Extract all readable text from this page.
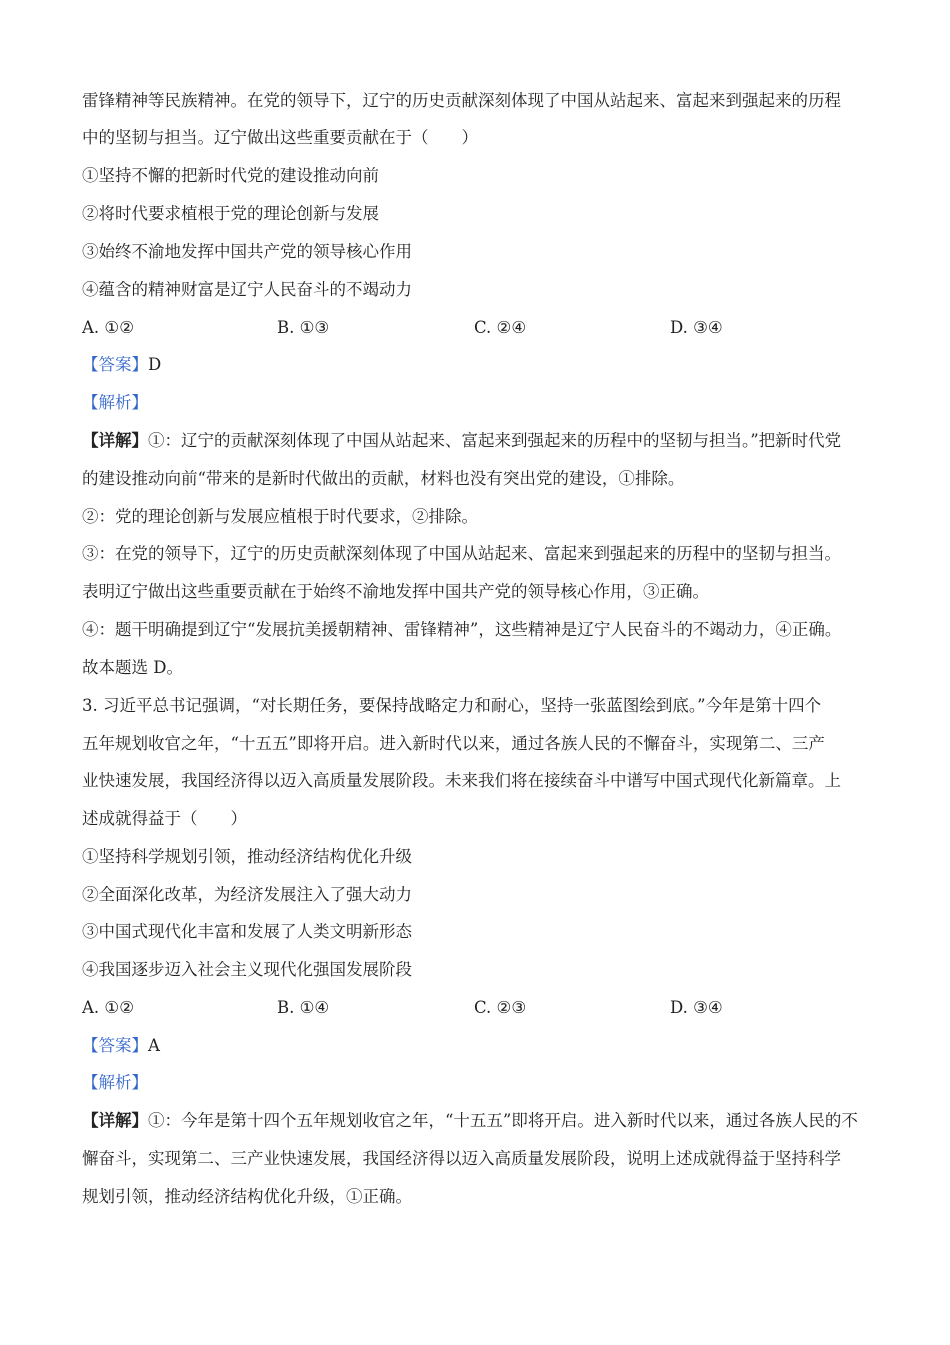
雷锋精神等民族精神。在党的领导下，辽宁的历史贡献深刻体现了中国从站起来、富起来到强起来的历程
中的坚韧与担当。辽宁做出这些重要贡献在于（　　）
①坚持不懈的把新时代党的建设推动向前
②将时代要求植根于党的理论创新与发展
③始终不渝地发挥中国共产党的领导核心作用
④蕴含的精神财富是辽宁人民奋斗的不竭动力
A. ①②	B. ①③	C. ②④	D. ③④
【答案】D
【解析】
【详解】①：辽宁的贡献深刻体现了中国从站起来、富起来到强起来的历程中的坚韧与担当。”把新时代党
的建设推动向前“带来的是新时代做出的贡献，材料也没有突出党的建设，①排除。
②：党的理论创新与发展应植根于时代要求，②排除。
③：在党的领导下，辽宁的历史贡献深刻体现了中国从站起来、富起来到强起来的历程中的坚韧与担当。
表明辽宁做出这些重要贡献在于始终不渝地发挥中国共产党的领导核心作用，③正确。
④：题干明确提到辽宁“发展抗美援朝精神、雷锋精神”，这些精神是辽宁人民奋斗的不竭动力，④正确。
故本题选 D。
3. 习近平总书记强调，“对长期任务，要保持战略定力和耐心，坚持一张蓝图绘到底。”今年是第十四个
五年规划收官之年，“十五五”即将开启。进入新时代以来，通过各族人民的不懈奋斗，实现第二、三产
业快速发展，我国经济得以迈入高质量发展阶段。未来我们将在接续奋斗中谱写中国式现代化新篇章。上
述成就得益于（　　）
①坚持科学规划引领，推动经济结构优化升级
②全面深化改革，为经济发展注入了强大动力
③中国式现代化丰富和发展了人类文明新形态
④我国逐步迈入社会主义现代化强国发展阶段
A. ①②	B. ①④	C. ②③	D. ③④
【答案】A
【解析】
【详解】①：今年是第十四个五年规划收官之年，“十五五”即将开启。进入新时代以来，通过各族人民的不
懈奋斗，实现第二、三产业快速发展，我国经济得以迈入高质量发展阶段，说明上述成就得益于坚持科学
规划引领，推动经济结构优化升级，①正确。
